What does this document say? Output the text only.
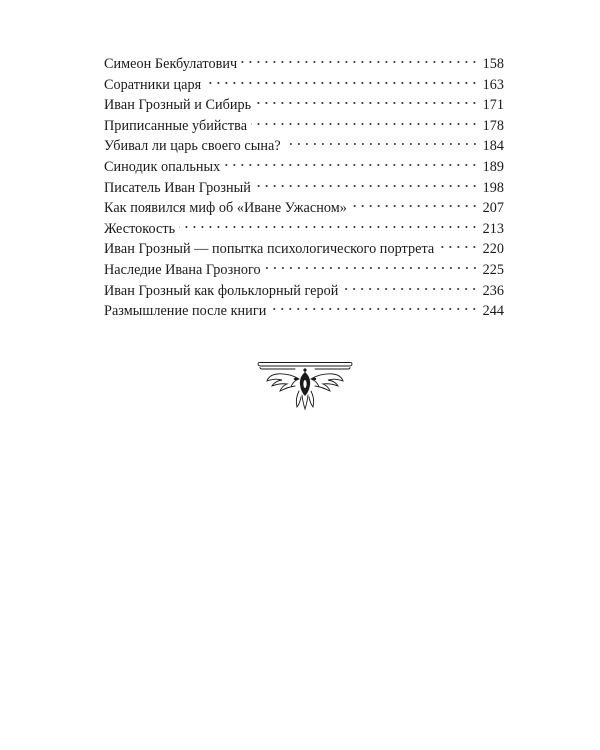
Симеон Бекбулатович	158
Соратники царя	163
Иван Грозный и Сибирь	171
Приписанные убийства	178
Убивал ли царь своего сына?	184
Синодик опальных	189
Писатель Иван Грозный	198
Как появился миф об «Иване Ужасном»	207
Жестокость	213
Иван Грозный — попытка психологического портрета	220
Наследие Ивана Грозного	225
Иван Грозный как фольклорный герой	236
Размышление после книги	244
